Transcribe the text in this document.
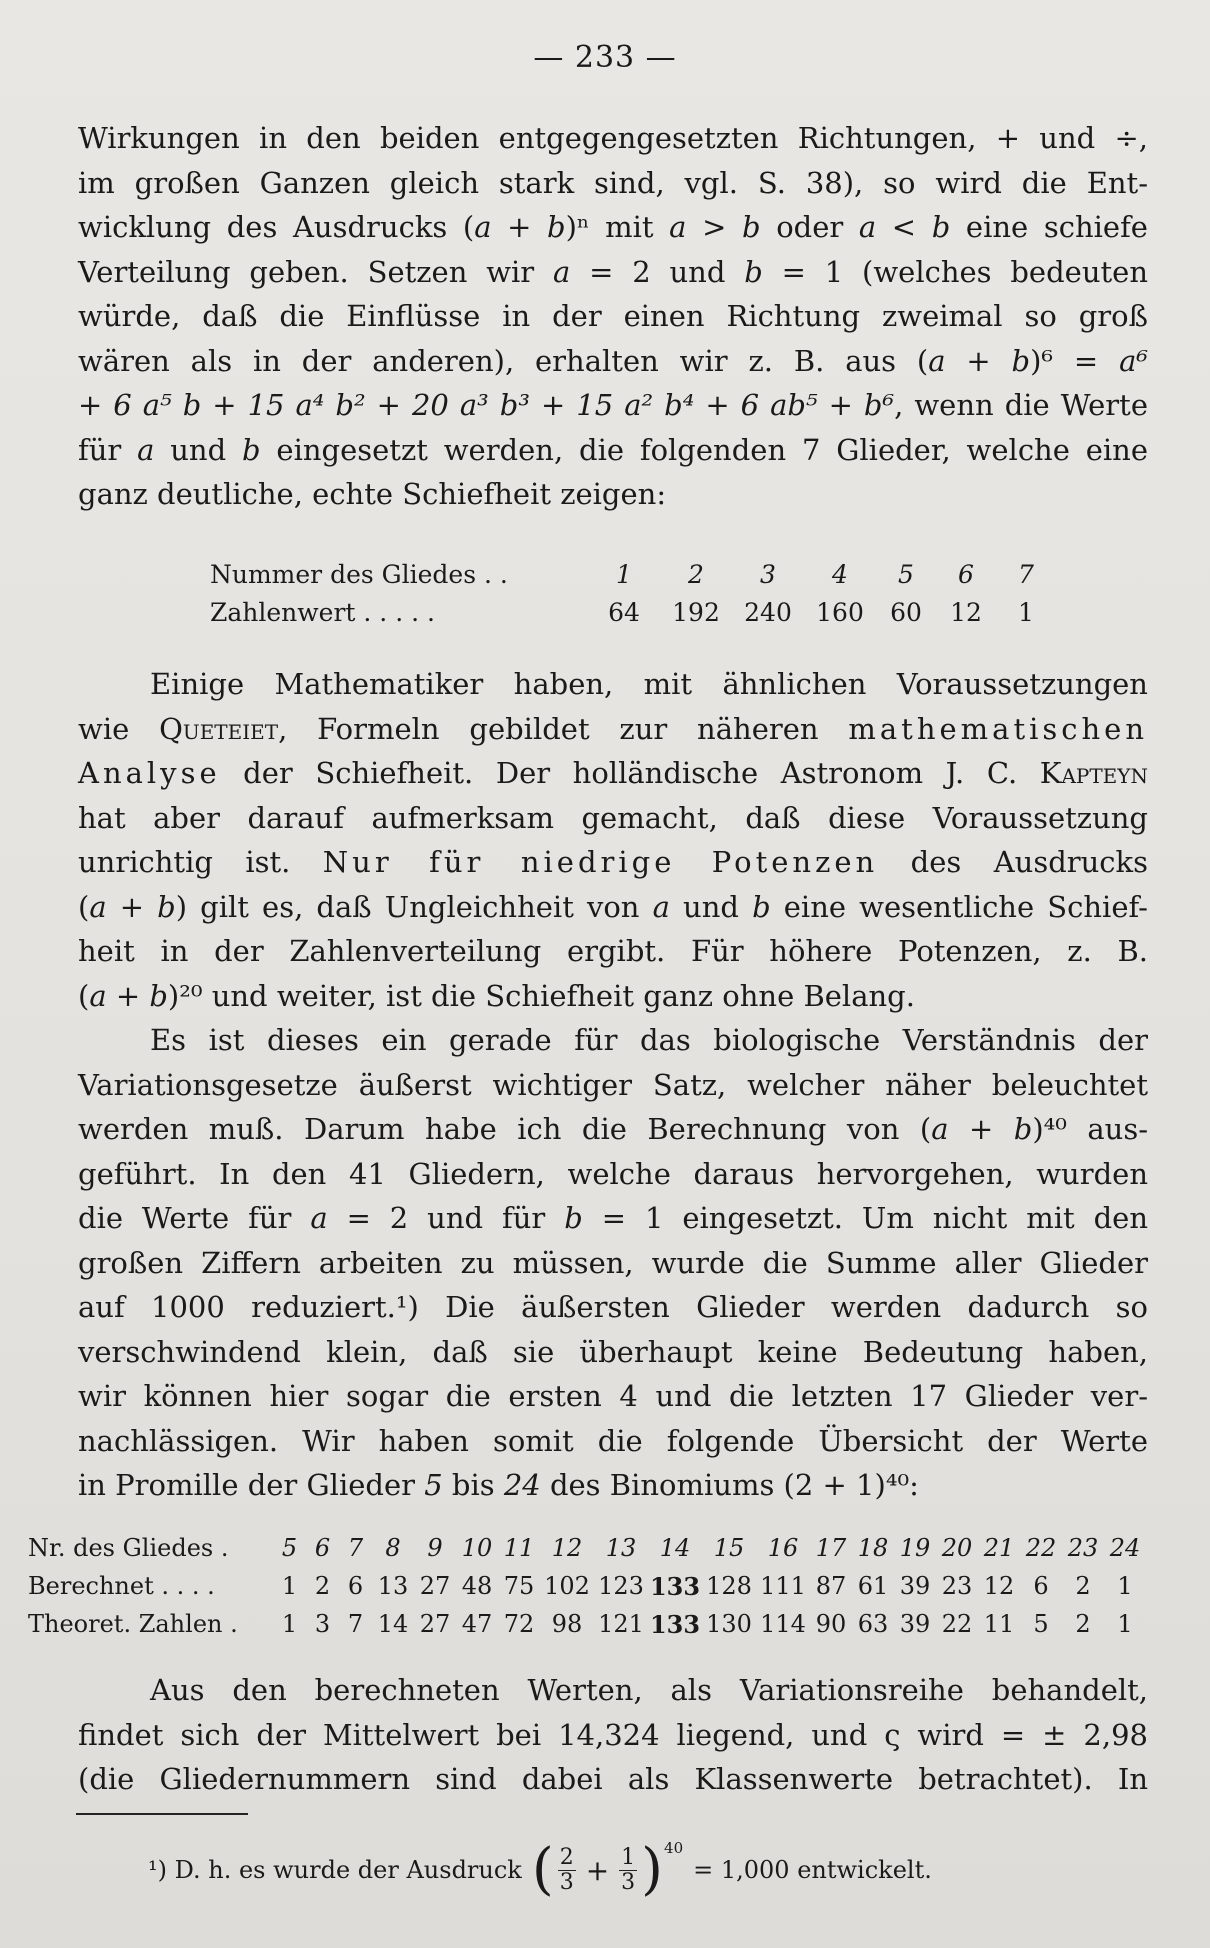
— 233 —
Wirkungen in den beiden entgegengesetzten Richtungen, + und ÷,
im großen Ganzen gleich stark sind, vgl. S. 38), so wird die Ent-
wicklung des Ausdrucks (a + b)ⁿ mit a > b oder a < b eine schiefe
Verteilung geben. Setzen wir a = 2 und b = 1 (welches bedeuten
würde, daß die Einflüsse in der einen Richtung zweimal so groß
wären als in der anderen), erhalten wir z. B. aus (a + b)⁶ = a⁶
+ 6 a⁵ b + 15 a⁴ b² + 20 a³ b³ + 15 a² b⁴ + 6 ab⁵ + b⁶, wenn die Werte
für a und b eingesetzt werden, die folgenden 7 Glieder, welche eine
ganz deutliche, echte Schiefheit zeigen:
Nummer des Gliedes . .	1	2	3	4	5	6	7
Zahlenwert . . . . .	64	192	240	160	60	12	1
Einige Mathematiker haben, mit ähnlichen Voraussetzungen
wie Queteiet, Formeln gebildet zur näheren mathematischen
Analyse der Schiefheit. Der holländische Astronom J. C. Kapteyn
hat aber darauf aufmerksam gemacht, daß diese Voraussetzung
unrichtig ist. Nur für niedrige Potenzen des Ausdrucks
(a + b) gilt es, daß Ungleichheit von a und b eine wesentliche Schief-
heit in der Zahlenverteilung ergibt. Für höhere Potenzen, z. B.
(a + b)²⁰ und weiter, ist die Schiefheit ganz ohne Belang.
Es ist dieses ein gerade für das biologische Verständnis der
Variationsgesetze äußerst wichtiger Satz, welcher näher beleuchtet
werden muß. Darum habe ich die Berechnung von (a + b)⁴⁰ aus-
geführt. In den 41 Gliedern, welche daraus hervorgehen, wurden
die Werte für a = 2 und für b = 1 eingesetzt. Um nicht mit den
großen Ziffern arbeiten zu müssen, wurde die Summe aller Glieder
auf 1000 reduziert.¹) Die äußersten Glieder werden dadurch so
verschwindend klein, daß sie überhaupt keine Bedeutung haben,
wir können hier sogar die ersten 4 und die letzten 17 Glieder ver-
nachlässigen. Wir haben somit die folgende Übersicht der Werte
in Promille der Glieder 5 bis 24 des Binomiums (2 + 1)⁴⁰:
Nr. des Gliedes .	5	6	7	8	9	10	11	12	13	14	15	16	17	18	19	20	21	22	23	24
Berechnet . . . .	1	2	6	13	27	48	75	102	123	133	128	111	87	61	39	23	12	6	2	1
Theoret. Zahlen .	1	3	7	14	27	47	72	98	121	133	130	114	90	63	39	22	11	5	2	1
Aus den berechneten Werten, als Variationsreihe behandelt,
findet sich der Mittelwert bei 14,324 liegend, und ς wird = ± 2,98
(die Gliedernummern sind dabei als Klassenwerte betrachtet). In
¹) D. h. es wurde der Ausdruck ( $\frac{2}{3} + \frac{1}{3}$ ) 40
= 1,000 entwickelt.
